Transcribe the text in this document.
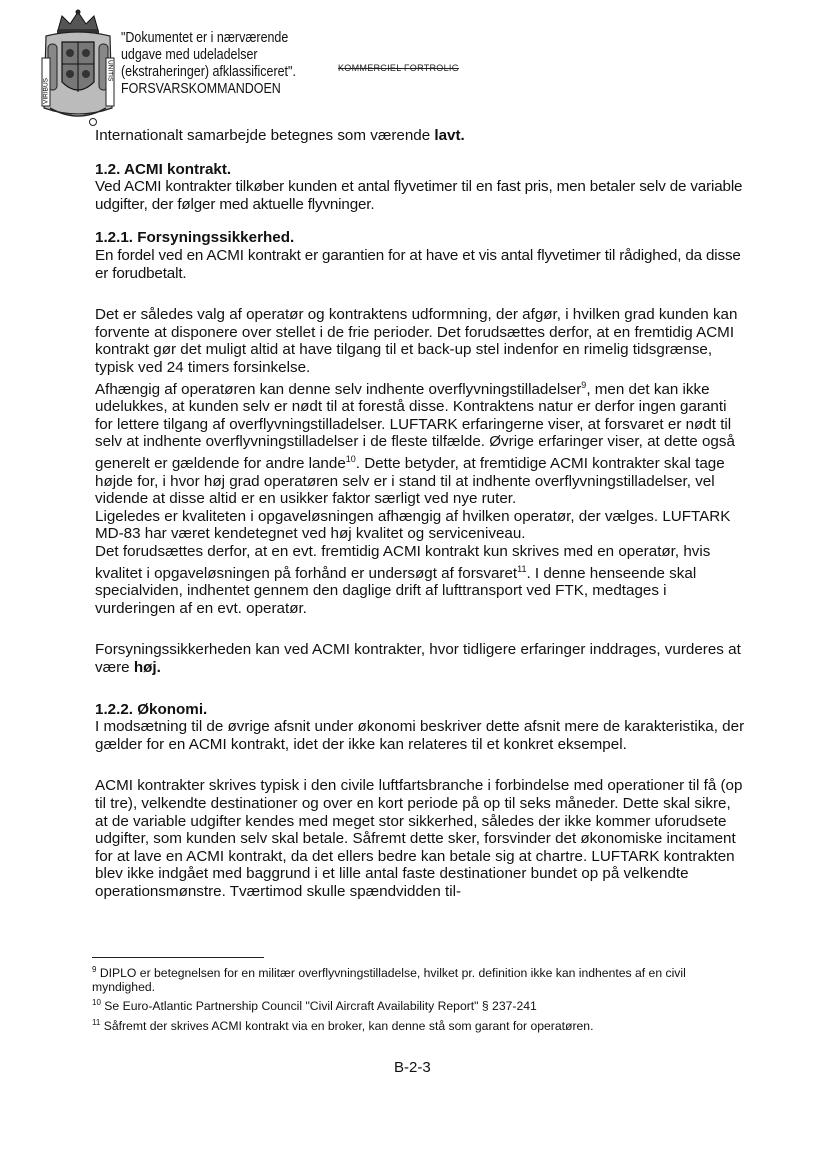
VIRIBUS
UNITIS
"Dokumentet er i nærværende
udgave med udeladelser
(ekstraheringer) afklassificeret".
FORSVARSKOMMANDOEN
KOMMERCIEL FORTROLIG

Internationalt samarbejde betegnes som værende lavt.

1.2. ACMI kontrakt.

Ved ACMI kontrakter tilkøber kunden et antal flyvetimer til en fast pris, men betaler selv de variable udgifter, der følger med aktuelle flyvninger.

1.2.1. Forsyningssikkerhed.

En fordel ved en ACMI kontrakt er garantien for at have et vis antal flyvetimer til rådighed, da disse er forudbetalt.

Det er således valg af operatør og kontraktens udformning, der afgør, i hvilken grad kunden kan forvente at disponere over stellet i de frie perioder. Det forudsættes derfor, at en fremtidig ACMI kontrakt gør det muligt altid at have tilgang til et back-up stel indenfor en rimelig tidsgrænse, typisk ved 24 timers forsinkelse.

Afhængig af operatøren kan denne selv indhente overflyvningstilladelser$^9$, men det kan ikke udelukkes, at kunden selv er nødt til at forestå disse. Kontraktens natur er derfor ingen garanti for lettere tilgang af overflyvningstilladelser. LUFTARK erfaringerne viser, at forsvaret er nødt til selv at indhente overflyvningstilladelser i de fleste tilfælde. Øvrige erfaringer viser, at dette også generelt er gældende for andre lande$^{10}$. Dette betyder, at fremtidige ACMI kontrakter skal tage højde for, i hvor høj grad operatøren selv er i stand til at indhente overflyvningstilladelser, vel vidende at disse altid er en usikker faktor særligt ved nye ruter.

Ligeledes er kvaliteten i opgaveløsningen afhængig af hvilken operatør, der vælges. LUFTARK MD-83 har været kendetegnet ved høj kvalitet og serviceniveau.

Det forudsættes derfor, at en evt. fremtidig ACMI kontrakt kun skrives med en operatør, hvis kvalitet i opgaveløsningen på forhånd er undersøgt af forsvaret$^{11}$. I denne henseende skal specialviden, indhentet gennem den daglige drift af lufttransport ved FTK, medtages i vurderingen af en evt. operatør.

Forsyningssikkerheden kan ved ACMI kontrakter, hvor tidligere erfaringer inddrages, vurderes at være høj.

1.2.2. Økonomi.

I modsætning til de øvrige afsnit under økonomi beskriver dette afsnit mere de karakteristika, der gælder for en ACMI kontrakt, idet der ikke kan relateres til et konkret eksempel.

ACMI kontrakter skrives typisk i den civile luftfartsbranche i forbindelse med operationer til få (op til tre), velkendte destinationer og over en kort periode på op til seks måneder. Dette skal sikre, at de variable udgifter kendes med meget stor sikkerhed, således der ikke kommer uforudsete udgifter, som kunden selv skal betale. Såfremt dette sker, forsvinder det økonomiske incitament for at lave en ACMI kontrakt, da det ellers bedre kan betale sig at chartre. LUFTARK kontrakten blev ikke indgået med baggrund i et lille antal faste destinationer bundet op på velkendte operationsmønstre. Tværtimod skulle spændvidden til-

$^9$ DIPLO er betegnelsen for en militær overflyvningstilladelse, hvilket pr. definition ikke kan indhentes af en civil myndighed.

$^{10}$ Se Euro-Atlantic Partnership Council "Civil Aircraft Availability Report" § 237-241

$^{11}$ Såfremt der skrives ACMI kontrakt via en broker, kan denne stå som garant for operatøren.

B-2-3
